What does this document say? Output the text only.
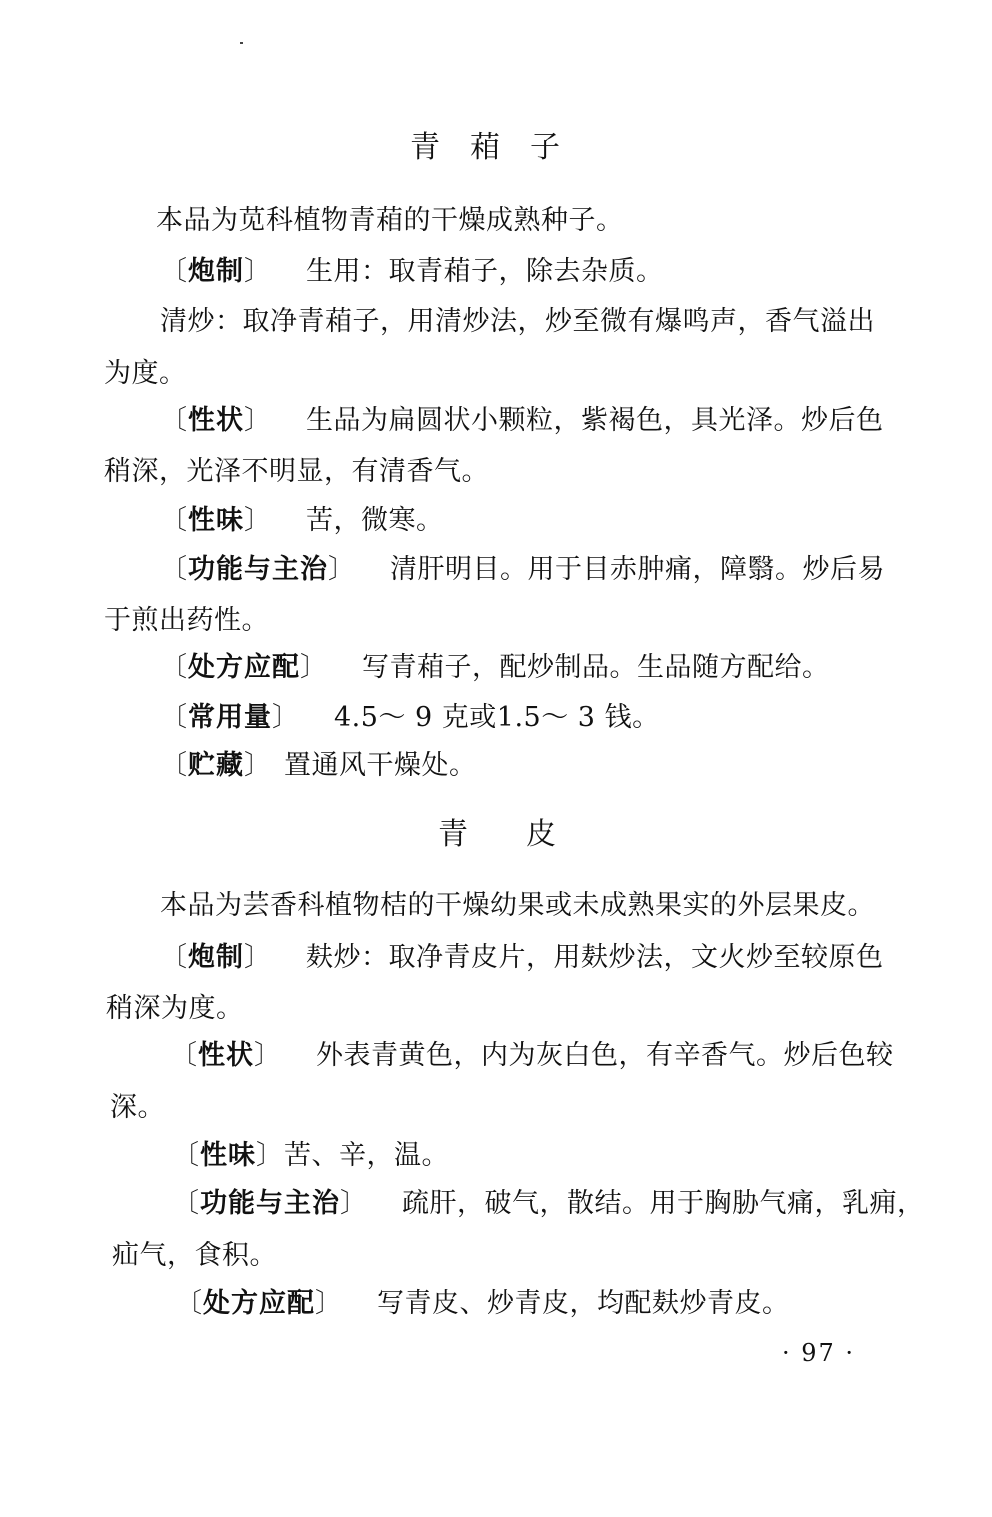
青葙子
本品为苋科植物青葙的干燥成熟种子。
〔炮制〕 生用：取青葙子，除去杂质。
清炒：取净青葙子，用清炒法，炒至微有爆鸣声，香气溢出
为度。
〔性状〕 生品为扁圆状小颗粒，紫褐色，具光泽。炒后色
稍深，光泽不明显，有清香气。
〔性味〕 苦，微寒。
〔功能与主治〕 清肝明目。用于目赤肿痛，障翳。炒后易
于煎出药性。
〔处方应配〕 写青葙子，配炒制品。生品随方配给。
〔常用量〕 4.5～ 9 克或1.5～ 3 钱。
〔贮藏〕 置通风干燥处。
青皮
本品为芸香科植物桔的干燥幼果或未成熟果实的外层果皮。
〔炮制〕 麸炒：取净青皮片，用麸炒法，文火炒至较原色
稍深为度。
〔性状〕 外表青黄色，内为灰白色，有辛香气。炒后色较
深。
〔性味〕苦、辛，温。
〔功能与主治〕 疏肝，破气，散结。用于胸胁气痛，乳痈，
疝气，食积。
〔处方应配〕 写青皮、炒青皮，均配麸炒青皮。
· 97 ·
